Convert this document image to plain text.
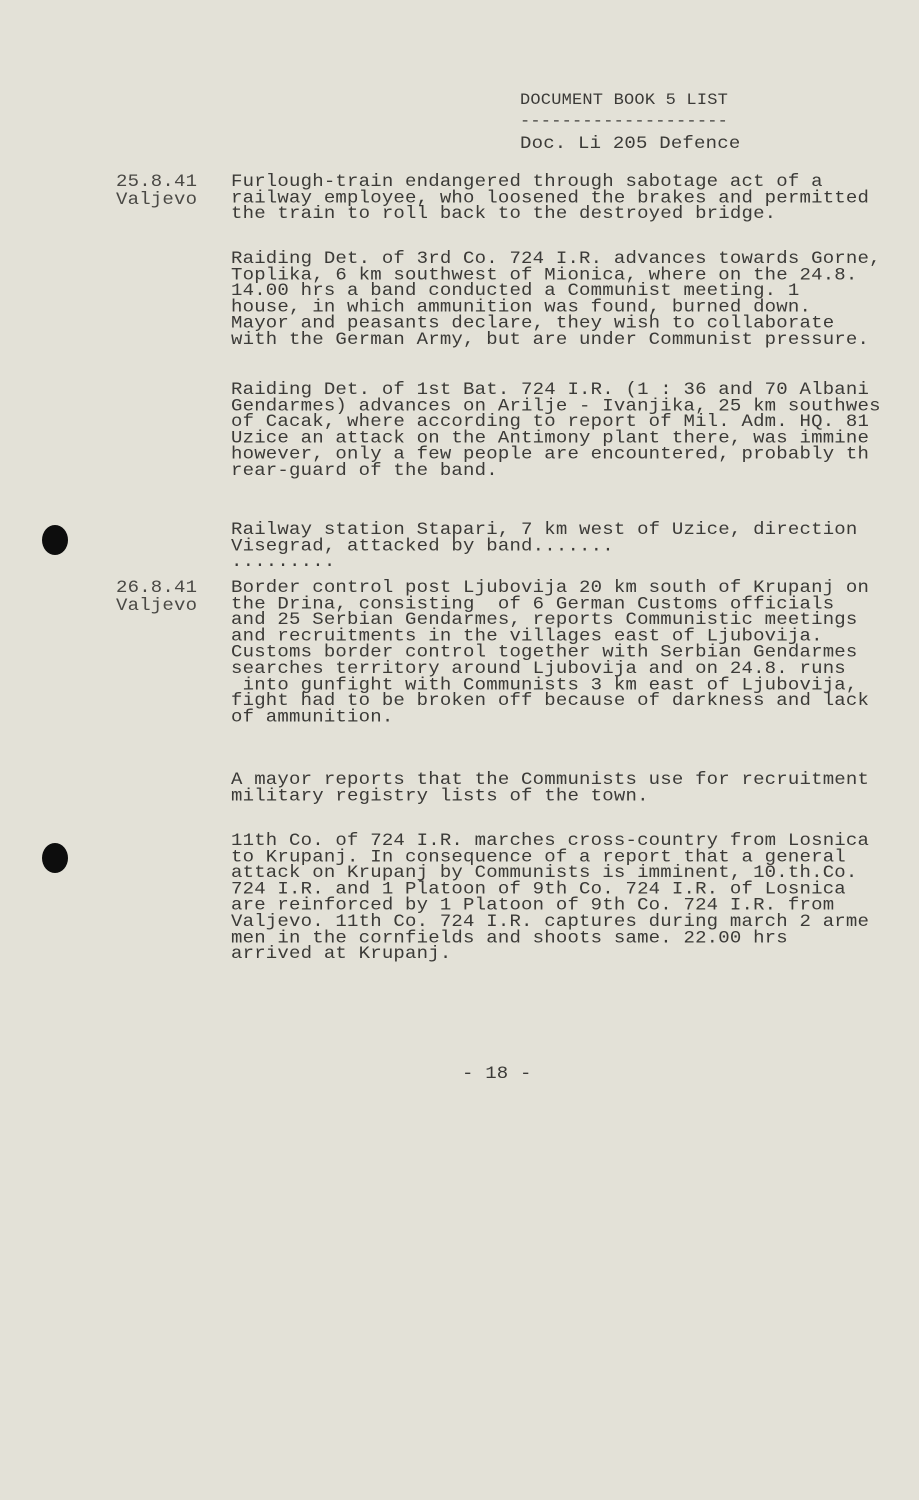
DOCUMENT BOOK 5 LIST
--------------------
Doc. Li 205 Defence
25.8.41
Valjevo
Furlough-train endangered through sabotage act of a
railway employee, who loosened the brakes and permitted
the train to roll back to the destroyed bridge.
Raiding Det. of 3rd Co. 724 I.R. advances towards Gorne,
Toplika, 6 km southwest of Mionica, where on the 24.8.
14.00 hrs a band conducted a Communist meeting. 1
house, in which ammunition was found, burned down.
Mayor and peasants declare, they wish to collaborate
with the German Army, but are under Communist pressure.
Raiding Det. of 1st Bat. 724 I.R. (1 : 36 and 70 Albani
Gendarmes) advances on Arilje - Ivanjika, 25 km southwes
of Cacak, where according to report of Mil. Adm. HQ. 81
Uzice an attack on the Antimony plant there, was immine
however, only a few people are encountered, probably th
rear-guard of the band.
Railway station Stapari, 7 km west of Uzice, direction
Visegrad, attacked by band.......
.........
26.8.41
Valjevo
Border control post Ljubovija 20 km south of Krupanj on
the Drina, consisting  of 6 German Customs officials
and 25 Serbian Gendarmes, reports Communistic meetings
and recruitments in the villages east of Ljubovija.
Customs border control together with Serbian Gendarmes
searches territory around Ljubovija and on 24.8. runs
into gunfight with Communists 3 km east of Ljubovija,
fight had to be broken off because of darkness and lack
of ammunition.
A mayor reports that the Communists use for recruitment
military registry lists of the town.
11th Co. of 724 I.R. marches cross-country from Losnica
to Krupanj. In consequence of a report that a general
attack on Krupanj by Communists is imminent, 10.th.Co.
724 I.R. and 1 Platoon of 9th Co. 724 I.R. of Losnica
are reinforced by 1 Platoon of 9th Co. 724 I.R. from
Valjevo. 11th Co. 724 I.R. captures during march 2 arme
men in the cornfields and shoots same. 22.00 hrs
arrived at Krupanj.
- 18 -
